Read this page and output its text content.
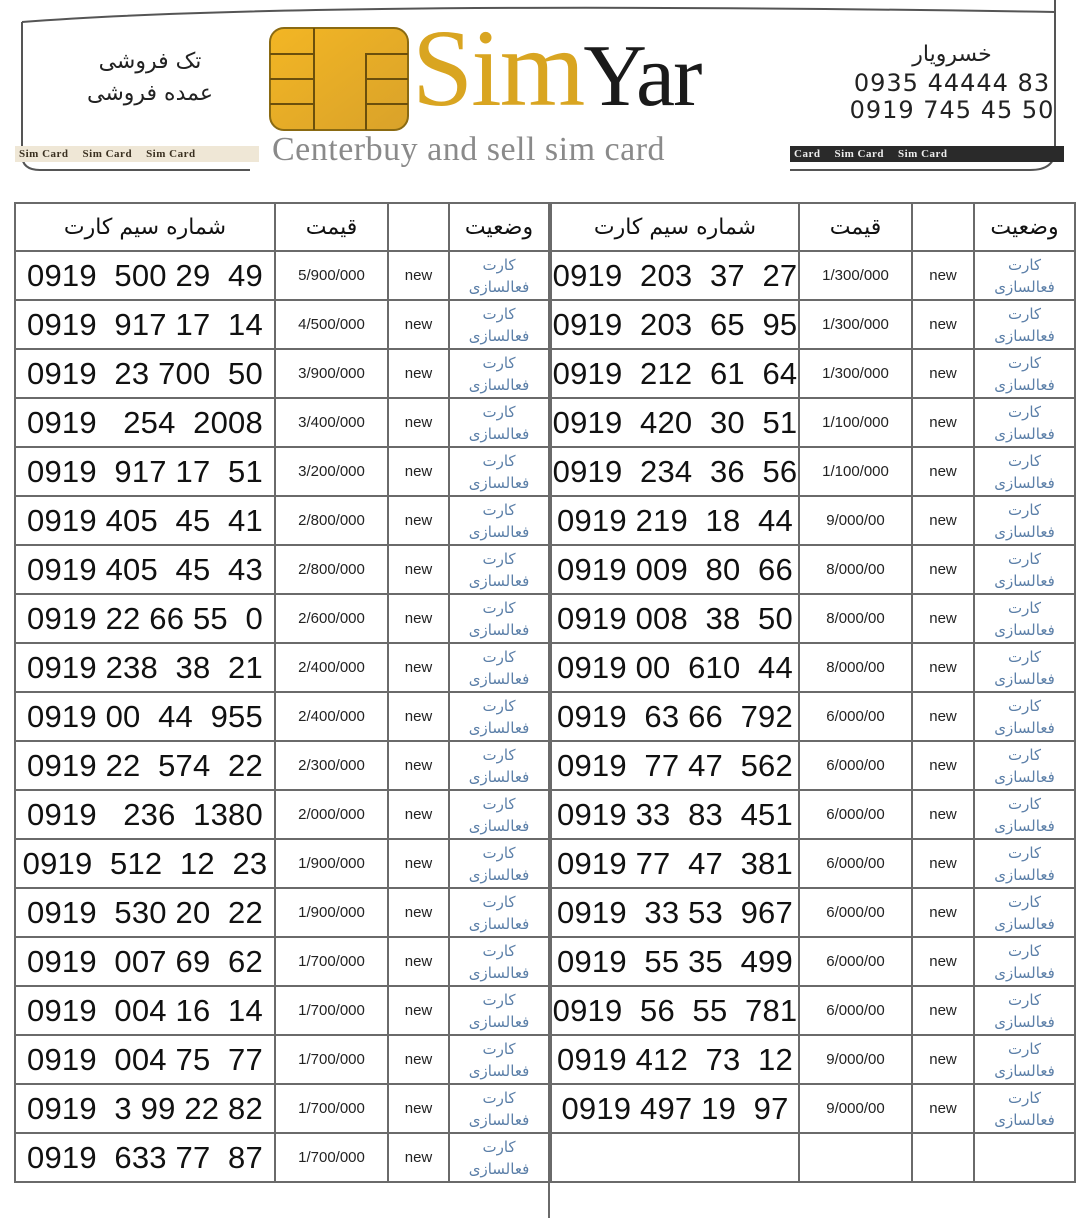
تک فروشی
عمده فروشی
Sim Card Sim Card Sim Card
SimYar
Centerbuy and sell sim card
خسرویار
0935 44444 83
0919 745 45 50
Card Sim Card Sim Card
شماره سیم کارت	قیمت		وضعیت
0919  500 29  49	5/900/000	new	کارت
فعالسازی

0919  917 17  14	4/500/000	new	کارت
فعالسازی

0919  23 700  50	3/900/000	new	کارت
فعالسازی

0919   254  2008	3/400/000	new	کارت
فعالسازی

0919  917 17  51	3/200/000	new	کارت
فعالسازی

0919 405  45  41	2/800/000	new	کارت
فعالسازی

0919 405  45  43	2/800/000	new	کارت
فعالسازی

0919 22 66 55  0	2/600/000	new	کارت
فعالسازی

0919 238  38  21	2/400/000	new	کارت
فعالسازی

0919 00  44  955	2/400/000	new	کارت
فعالسازی

0919 22  574  22	2/300/000	new	کارت
فعالسازی

0919   236  1380	2/000/000	new	کارت
فعالسازی

0919  512  12  23	1/900/000	new	کارت
فعالسازی

0919  530 20  22	1/900/000	new	کارت
فعالسازی

0919  007 69  62	1/700/000	new	کارت
فعالسازی

0919  004 16  14	1/700/000	new	کارت
فعالسازی

0919  004 75  77	1/700/000	new	کارت
فعالسازی

0919  3 99 22 82	1/700/000	new	کارت
فعالسازی

0919  633 77  87	1/700/000	new	کارت
فعالسازی
شماره سیم کارت	قیمت		وضعیت
0919  203  37  27	1/300/000	new	کارت
فعالسازی

0919  203  65  95	1/300/000	new	کارت
فعالسازی

0919  212  61  64	1/300/000	new	کارت
فعالسازی

0919  420  30  51	1/100/000	new	کارت
فعالسازی

0919  234  36  56	1/100/000	new	کارت
فعالسازی

0919 219  18  44	9/000/00	new	کارت
فعالسازی

0919 009  80  66	8/000/00	new	کارت
فعالسازی

0919 008  38  50	8/000/00	new	کارت
فعالسازی

0919 00  610  44	8/000/00	new	کارت
فعالسازی

0919  63 66  792	6/000/00	new	کارت
فعالسازی

0919  77 47  562	6/000/00	new	کارت
فعالسازی

0919 33  83  451	6/000/00	new	کارت
فعالسازی

0919 77  47  381	6/000/00	new	کارت
فعالسازی

0919  33 53  967	6/000/00	new	کارت
فعالسازی

0919  55 35  499	6/000/00	new	کارت
فعالسازی

0919  56  55  781	6/000/00	new	کارت
فعالسازی

0919 412  73  12	9/000/00	new	کارت
فعالسازی

0919 497 19  97	9/000/00	new	کارت
فعالسازی
